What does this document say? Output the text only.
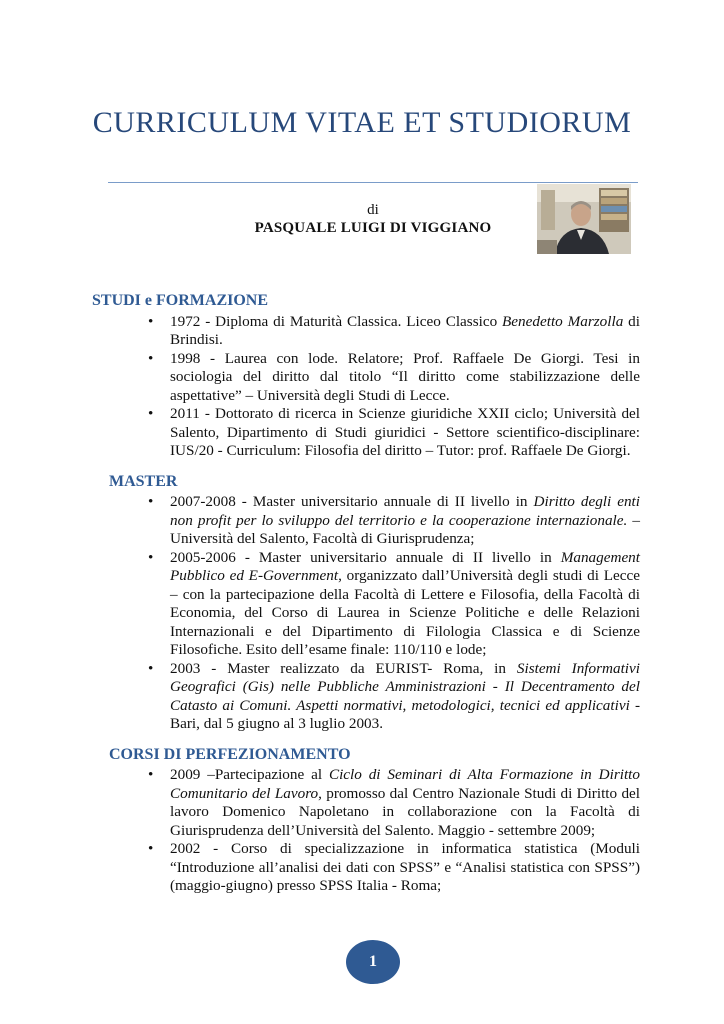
CURRICULUM VITAE ET STUDIORUM
di
PASQUALE LUIGI DI VIGGIANO
STUDI e FORMAZIONE
• 1972 - Diploma di Maturità Classica. Liceo Classico Benedetto Marzolla di Brindisi.
• 1998 - Laurea con lode. Relatore; Prof. Raffaele De Giorgi. Tesi in sociologia del diritto dal titolo “Il diritto come stabilizzazione delle aspettative” – Università degli Studi di Lecce.
• 2011 - Dottorato di ricerca in Scienze giuridiche XXII ciclo; Università del Salento, Dipartimento di Studi giuridici - Settore scientifico-disciplinare: IUS/20 - Curriculum: Filosofia del diritto – Tutor: prof. Raffaele De Giorgi.
MASTER
• 2007-2008 - Master universitario annuale di II livello in Diritto degli enti non profit per lo sviluppo del territorio e la cooperazione internazionale. – Università del Salento, Facoltà di Giurisprudenza;
• 2005-2006 - Master universitario annuale di II livello in Management Pubblico ed E-Government, organizzato dall’Università degli studi di Lecce – con la partecipazione della Facoltà di Lettere e Filosofia, della Facoltà di Economia, del Corso di Laurea in Scienze Politiche e delle Relazioni Internazionali e del Dipartimento di Filologia Classica e di Scienze Filosofiche. Esito dell’esame finale: 110/110 e lode;
• 2003 - Master realizzato da EURIST- Roma, in Sistemi Informativi Geografici (Gis) nelle Pubbliche Amministrazioni - Il Decentramento del Catasto ai Comuni. Aspetti normativi, metodologici, tecnici ed applicativi - Bari, dal 5 giugno al 3 luglio 2003.
CORSI DI PERFEZIONAMENTO
• 2009 –Partecipazione al Ciclo di Seminari di Alta Formazione in Diritto Comunitario del Lavoro, promosso dal Centro Nazionale Studi di Diritto del lavoro Domenico Napoletano in collaborazione con la Facoltà di Giurisprudenza dell’Università del Salento. Maggio - settembre 2009;
• 2002 - Corso di specializzazione in informatica statistica (Moduli “Introduzione all’analisi dei dati con SPSS” e “Analisi statistica con SPSS”) (maggio-giugno) presso SPSS Italia - Roma;
1
